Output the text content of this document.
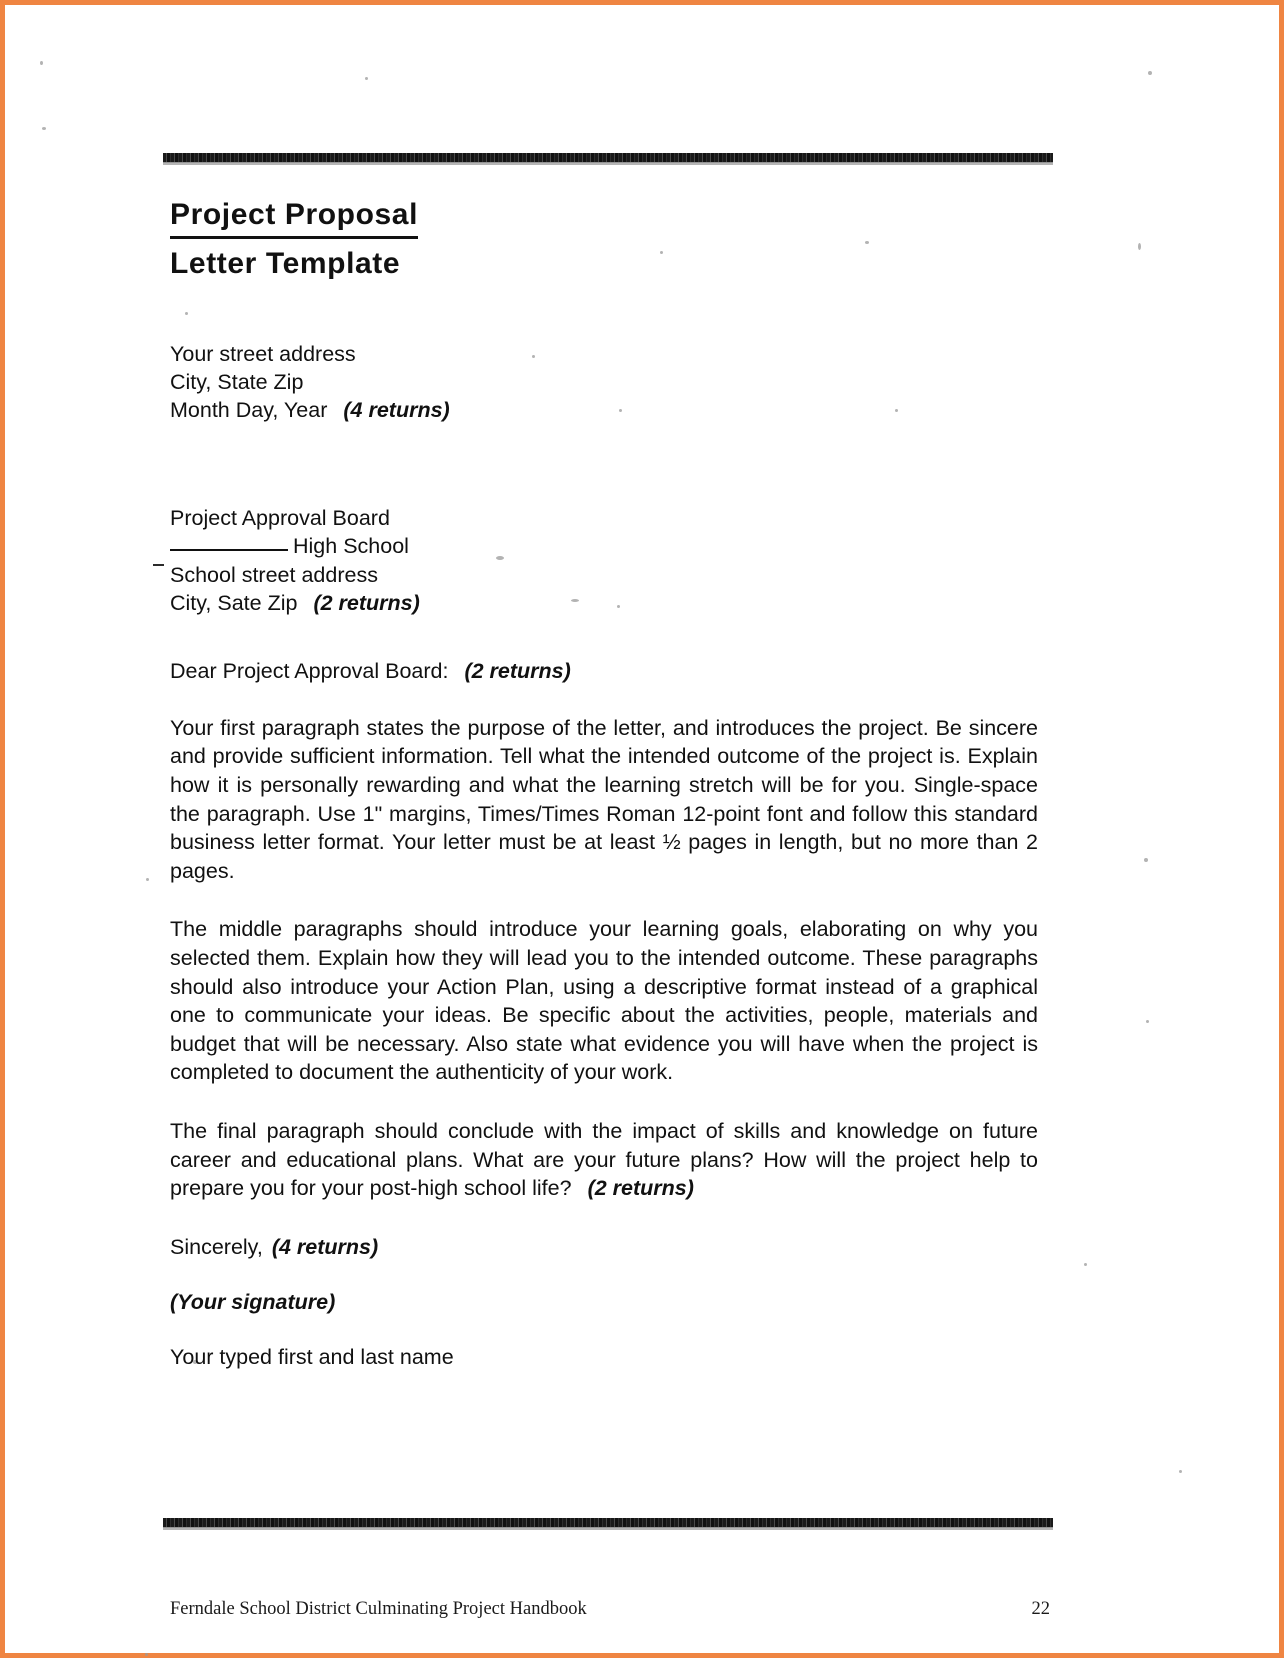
Project Proposal
Letter Template
Your street address
City, State Zip
Month Day, Year (4 returns)
Project Approval Board
High School
School street address
City, Sate Zip (2 returns)
Dear Project Approval Board: (2 returns)

Your first paragraph states the purpose of the letter, and introduces the project. Be sincere and provide sufficient information. Tell what the intended outcome of the project is. Explain how it is personally rewarding and what the learning stretch will be for you. Single-space the paragraph. Use 1" margins, Times/Times Roman 12-point font and follow this standard business letter format. Your letter must be at least ½ pages in length, but no more than 2 pages.

The middle paragraphs should introduce your learning goals, elaborating on why you selected them. Explain how they will lead you to the intended outcome. These paragraphs should also introduce your Action Plan, using a descriptive format instead of a graphical one to communicate your ideas. Be specific about the activities, people, materials and budget that will be necessary. Also state what evidence you will have when the project is completed to document the authenticity of your work.

The final paragraph should conclude with the impact of skills and knowledge on future career and educational plans. What are your future plans? How will the project help to prepare you for your post-high school life? (2 returns)

Sincerely, (4 returns)
(Your signature)
Your typed first and last name
Ferndale School District Culminating Project Handbook	22
